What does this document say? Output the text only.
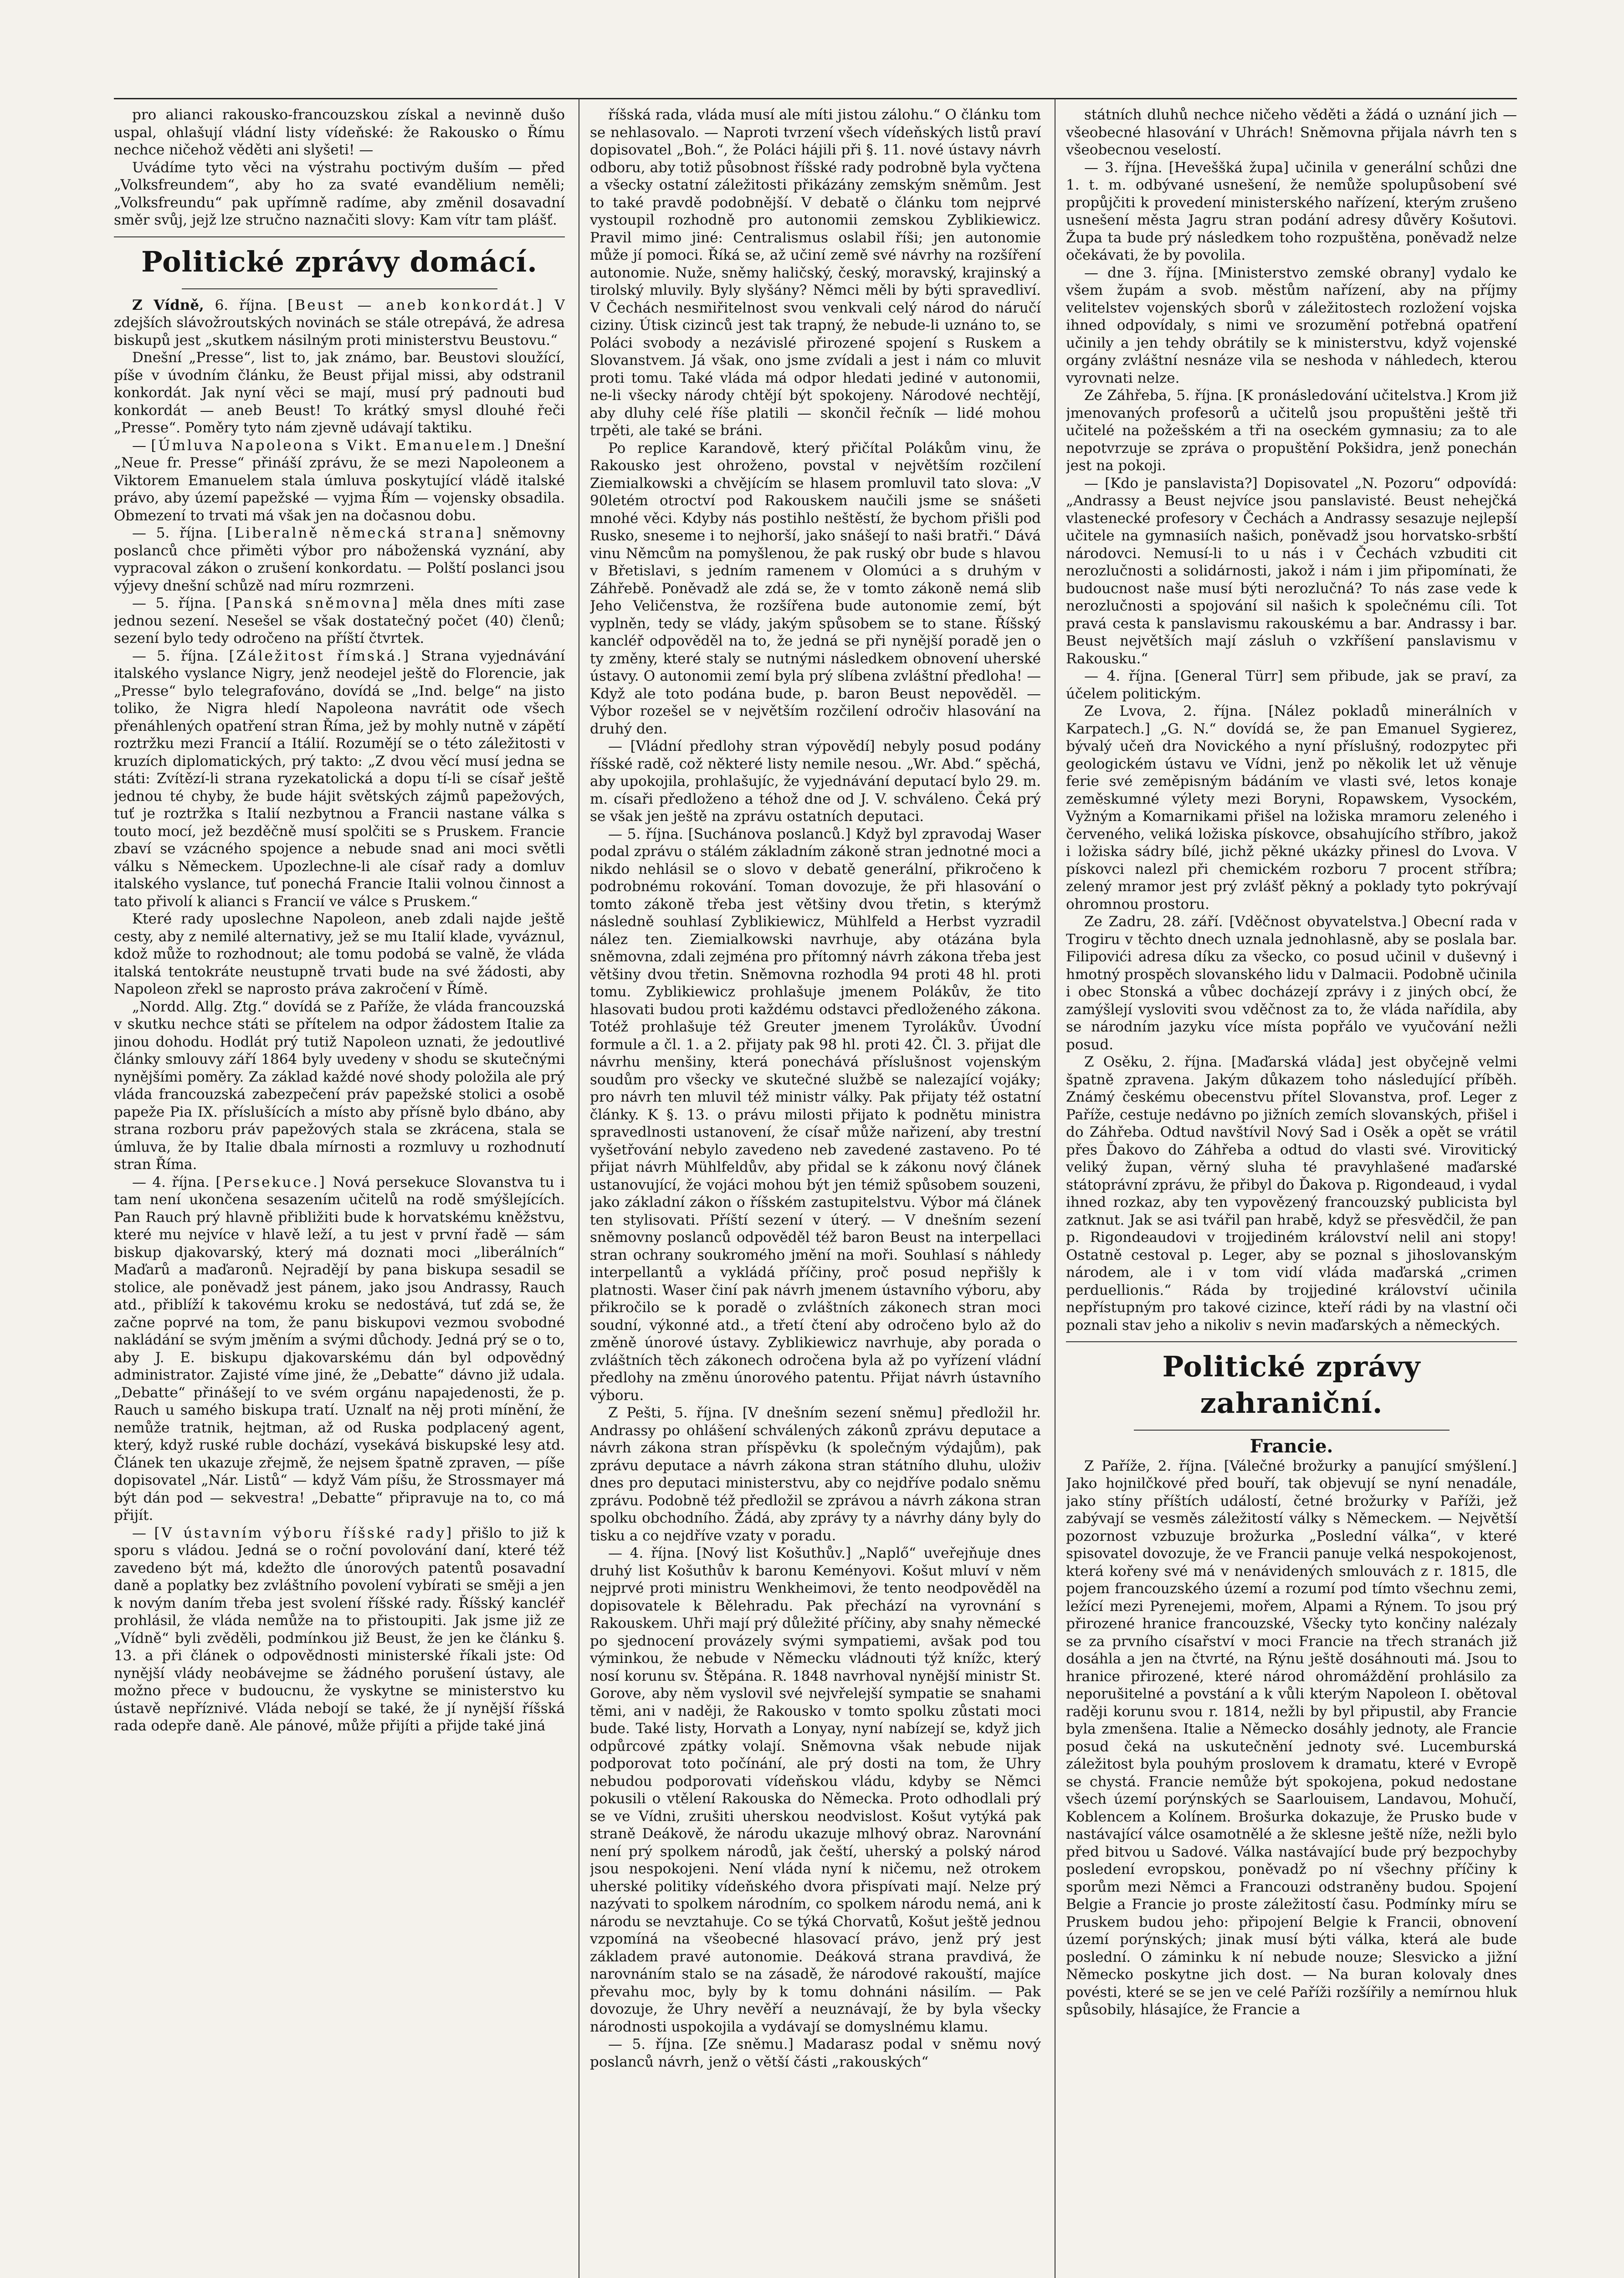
pro alianci rakousko-francouzskou získal a nevinně dušo uspal, ohlašují vládní listy vídeňské: že Rakousko o Římu nechce ničehož věděti ani slyšeti! —

Uvádíme tyto věci na výstrahu poctivým duším — před „Volksfreundem“, aby ho za svaté evandělium neměli; „Volksfreundu“ pak upřímně radíme, aby změnil dosavadní směr svůj, jejž lze stručno naznačiti slovy: Kam vítr tam plášť.

Politické zprávy domácí.

Z Vídně, 6. října. [Beust — aneb konkordát.] V zdejších slávožroutských novinách se stále otrepává, že adresa biskupů jest „skutkem násilným proti ministerstvu Beustovu.“

Dnešní „Presse“, list to, jak známo, bar. Beustovi sloužící, píše v úvodním článku, že Beust přijal missi, aby odstranil konkordát. Jak nyní věci se mají, musí prý padnouti bud konkordát — aneb Beust! To krátký smysl dlouhé řeči „Presse“. Poměry tyto nám zjevně udávají taktiku.

— [Úmluva Napoleona s Vikt. Emanuelem.] Dnešní „Neue fr. Presse“ přináší zprávu, že se mezi Napoleonem a Viktorem Emanuelem stala úmluva poskytující vládě italské právo, aby území papežské — vyjma Řím — vojensky obsadila. Obmezení to trvati má však jen na dočasnou dobu.

— 5. října. [Liberalně německá strana] sněmovny poslanců chce přiměti výbor pro náboženská vyznání, aby vypracoval zákon o zrušení konkordatu. — Polští poslanci jsou výjevy dnešní schůzě nad míru rozmrzeni.

— 5. října. [Panská sněmovna] měla dnes míti zase jednou sezení. Nesešel se však dostatečný počet (40) členů; sezení bylo tedy odročeno na příští čtvrtek.

— 5. října. [Záležitost římská.] Strana vyjednávání italského vyslance Nigry, jenž neodejel ještě do Florencie, jak „Presse“ bylo telegrafováno, dovídá se „Ind. belge“ na jisto toliko, že Nigra hledí Napoleona navrátit ode všech přenáhlených opatření stran Říma, jež by mohly nutně v zápětí roztržku mezi Francií a Itálií. Rozumějí se o této záležitosti v kruzích diplomatických, prý takto: „Z dvou věcí musí jedna se státi: Zvítězí-li strana ryzekatolická a dopu tí-li se císař ještě jednou té chyby, že bude hájit světských zájmů papežových, tuť je roztržka s Italií nezbytnou a Francii nastane válka s touto mocí, jež bezděčně musí spolčiti se s Pruskem. Francie zbaví se vzácného spojence a nebude snad ani moci světli válku s Německem. Upozlechne-li ale císař rady a domluv italského vyslance, tuť ponechá Francie Italii volnou činnost a tato přivolí k alianci s Francií ve válce s Pruskem.“

Které rady uposlechne Napoleon, aneb zdali najde ještě cesty, aby z nemilé alternativy, jež se mu Italií klade, vyváznul, kdož může to rozhodnout; ale tomu podobá se valně, že vláda italská tentokráte neustupně trvati bude na své žádosti, aby Napoleon zřekl se naprosto práva zakročení v Římě.

„Nordd. Allg. Ztg.“ dovídá se z Paříže, že vláda francouzská v skutku nechce státi se přítelem na odpor žádostem Italie za jinou dohodu. Hodlát prý tutiž Napoleon uznati, že jedoutlivé články smlouvy září 1864 byly uvedeny v shodu se skutečnými nynějšími poměry. Za základ každé nové shody položila ale prý vláda francouzská zabezpečení práv papežské stolici a osobě papeže Pia IX. příslušících a místo aby přísně bylo dbáno, aby strana rozboru práv papežových stala se zkrácena, stala se úmluva, že by Italie dbala mírnosti a rozmluvy u rozhodnutí stran Říma.

— 4. října. [Persekuce.] Nová persekuce Slovanstva tu i tam není ukončena sesazením učitelů na rodě smýšlejících. Pan Rauch prý hlavně přibližiti bude k horvatskému kněžstvu, které mu nejvíce v hlavě leží, a tu jest v první řadě — sám biskup djakovarský, který má doznati moci „liberálních“ Maďarů a maďaronů. Nejradějí by pana biskupa sesadil se stolice, ale poněvadž jest pánem, jako jsou Andrassy, Rauch atd., přiblíží k takovému kroku se nedostává, tuť zdá se, že začne poprvé na tom, že panu biskupovi vezmou svobodné nakládání se svým jměním a svými důchody. Jedná prý se o to, aby J. E. biskupu djakovarskému dán byl odpovědný administrator. Zajisté víme jiné, že „Debatte“ dávno již udala. „Debatte“ přinášejí to ve svém orgánu napajedenosti, že p. Rauch u samého biskupa tratí. Uznalť na něj proti mínění, že nemůže tratnik, hejtman, až od Ruska podplacený agent, který, když ruské ruble dochází, vysekává biskupské lesy atd. Článek ten ukazuje zřejmě, že nejsem špatně zpraven, — píše dopisovatel „Nár. Listů“ — když Vám píšu, že Strossmayer má být dán pod — sekvestra! „Debatte“ připravuje na to, co má přijít.

— [V ústavním výboru říšské rady] přišlo to již k sporu s vládou. Jedná se o roční povolování daní, které též zavedeno být má, kdežto dle únorových patentů posavadní daně a poplatky bez zvláštního povolení vybírati se směji a jen k novým daním třeba jest svolení říšské rady. Říšský kancléř prohlásil, že vláda nemůže na to přistoupiti. Jak jsme již ze „Vídně“ byli zvěděli, podmínkou již Beust, že jen ke článku §. 13. a při článek o odpovědnosti ministerské říkali jste: Od nynější vlády neobávejme se žádného porušení ústavy, ale možno přece v budoucnu, že vyskytne se ministerstvo ku ústavě nepříznivé. Vláda nebojí se také, že jí nynější říšská rada odepře daně. Ale pánové, může přijíti a přijde také jiná

říšská rada, vláda musí ale míti jistou zálohu.“ O článku tom se nehlasovalo. — Naproti tvrzení všech vídeňských listů praví dopisovatel „Boh.“, že Poláci hájili při §. 11. nové ústavy návrh odboru, aby totiž působnost říšské rady podrobně byla vyčtena a všecky ostatní záležitosti přikázány zemským sněmům. Jest to také pravdě podobnější. V debatě o článku tom nejprvé vystoupil rozhodně pro autonomii zemskou Zyblikiewicz. Pravil mimo jiné: Centralismus oslabil říši; jen autonomie může jí pomoci. Říká se, až učiní země své návrhy na rozšíření autonomie. Nuže, sněmy haličský, český, moravský, krajinský a tirolský mluvily. Byly slyšány? Němci měli by býti spravedliví. V Čechách nesmiřitelnost svou venkvali celý národ do náručí ciziny. Útisk cizinců jest tak trapný, že nebude-li uznáno to, se Poláci svobody a nezávislé přirozené spojení s Ruskem a Slovanstvem. Já však, ono jsme zvídali a jest i nám co mluvit proti tomu. Také vláda má odpor hledati jediné v autonomii, ne-li všecky národy chtějí být spokojeny. Národové nechtějí, aby dluhy celé říše platili — skončil řečník — lidé mohou trpěti, ale také se bráni.

Po replice Karandově, který přičítal Polákům vinu, že Rakousko jest ohroženo, povstal v největším rozčilení Ziemialkowski a chvějícím se hlasem promluvil tato slova: „V 90letém otroctví pod Rakouskem naučili jsme se snášeti mnohé věci. Kdyby nás postihlo neštěstí, že bychom přišli pod Rusko, sneseme i to nejhorší, jako snášejí to naši bratři.“ Dává vinu Němcům na pomyšlenou, že pak ruský obr bude s hlavou v Břetislavi, s jedním ramenem v Olomúci a s druhým v Záhřebě. Poněvadž ale zdá se, že v tomto zákoně nemá slib Jeho Veličenstva, že rozšířena bude autonomie zemí, být vyplněn, tedy se vlády, jakým spůsobem se to stane. Říšský kancléř odpověděl na to, že jedná se při nynější poradě jen o ty změny, které staly se nutnými následkem obnovení uherské ústavy. O autonomii zemí byla prý slíbena zvláštní předloha! — Když ale toto podána bude, p. baron Beust nepověděl. — Výbor rozešel se v největším rozčilení odročiv hlasování na druhý den.

— [Vládní předlohy stran výpovědí] nebyly posud podány říšské radě, což některé listy nemile nesou. „Wr. Abd.“ spěchá, aby upokojila, prohlašujíc, že vyjednávání deputací bylo 29. m. m. císaři předloženo a téhož dne od J. V. schváleno. Čeká prý se však jen ještě na zprávu ostatních deputaci.

— 5. října. [Suchánova poslanců.] Když byl zpravodaj Waser podal zprávu o stálém základním zákoně stran jednotné moci a nikdo nehlásil se o slovo v debatě generální, přikročeno k podrobnému rokování. Toman dovozuje, že při hlasování o tomto zákoně třeba jest většiny dvou třetin, s kterýmž následně souhlasí Zyblikiewicz, Mühlfeld a Herbst vyzradil nález ten. Ziemialkowski navrhuje, aby otázána byla sněmovna, zdali zejména pro přítomný návrh zákona třeba jest většiny dvou třetin. Sněmovna rozhodla 94 proti 48 hl. proti tomu. Zyblikiewicz prohlašuje jmenem Polákův, že tito hlasovati budou proti každému odstavci předloženého zákona. Totéž prohlašuje též Greuter jmenem Tyrolákův. Úvodní formule a čl. 1. a 2. přijaty pak 98 hl. proti 42. Čl. 3. přijat dle návrhu menšiny, která ponechává příslušnost vojenským soudům pro všecky ve skutečné službě se nalezající vojáky; pro návrh ten mluvil též ministr války. Pak přijaty též ostatní články. K §. 13. o právu milosti přijato k podnětu ministra spravedlnosti ustanovení, že císař může nařizení, aby trestní vyšetřování nebylo zavedeno neb zavedené zastaveno. Po té přijat návrh Mühlfeldův, aby přidal se k zákonu nový článek ustanovující, že vojáci mohou být jen témiž spůsobem souzeni, jako základní zákon o říšském zastupitelstvu. Výbor má článek ten stylisovati. Příští sezení v úterý. — V dnešním sezení sněmovny poslanců odpověděl též baron Beust na interpellaci stran ochrany soukromého jmění na moři. Souhlasí s náhledy interpellantů a vykládá příčiny, proč posud nepřišly k platnosti. Waser činí pak návrh jmenem ústavního výboru, aby přikročilo se k poradě o zvláštních zákonech stran moci soudní, výkonné atd., a třetí čtení aby odročeno bylo až do změně únorové ústavy. Zyblikiewicz navrhuje, aby porada o zvláštních těch zákonech odročena byla až po vyřízení vládní předlohy na změnu únorového patentu. Přijat návrh ústavního výboru.

Z Pešti, 5. října. [V dnešním sezení sněmu] předložil hr. Andrassy po ohlášení schválených zákonů zprávu deputace a návrh zákona stran příspěvku (k společným výdajům), pak zprávu deputace a návrh zákona stran státního dluhu, uloživ dnes pro deputaci ministerstvu, aby co nejdříve podalo sněmu zprávu. Podobně též předložil se zprávou a návrh zákona stran spolku obchodního. Žádá, aby zprávy ty a návrhy dány byly do tisku a co nejdříve vzaty v poradu.

— 4. října. [Nový list Košuthův.] „Naplő“ uveřejňuje dnes druhý list Košuthův k baronu Keményovi. Košut mluví v něm nejprvé proti ministru Wenkheimovi, že tento neodpověděl na dopisovatele k Bělehradu. Pak přechází na vyrovnání s Rakouskem. Uhři mají prý důležité příčiny, aby snahy německé po sjednocení provázely svými sympatiemi, avšak pod tou výminkou, že nebude v Německu vládnouti týž knížc, který nosí korunu sv. Štěpána. R. 1848 navrhoval nynější ministr St. Gorove, aby něm vyslovil své nejvřelejší sympatie se snahami těmi, ani v naději, že Rakousko v tomto spolku zůstati moci bude. Také listy, Horvath a Lonyay, nyní nabízejí se, když jich odpůrcové zpátky volají. Sněmovna však nebude nijak podporovat toto počínání, ale prý dosti na tom, že Uhry nebudou podporovati vídeňskou vládu, kdyby se Němci pokusili o vtělení Rakouska do Německa. Proto odhodlali prý se ve Vídni, zrušiti uherskou neodvislost. Košut vytýká pak straně Deákově, že národu ukazuje mlhový obraz. Narovnání není prý spolkem národů, jak čeští, uherský a polský národ jsou nespokojeni. Není vláda nyní k ničemu, než otrokem uherské politiky vídeňského dvora přispívati mají. Nelze prý nazývati to spolkem národním, co spolkem národu nemá, ani k národu se nevztahuje. Co se týká Chorvatů, Košut ještě jednou vzpomíná na všeobecné hlasovací právo, jenž prý jest základem pravé autonomie. Deáková strana pravdivá, že narovnáním stalo se na zásadě, že národové rakouští, majíce převahu moc, byly by k tomu dohnáni násilím. — Pak dovozuje, že Uhry nevěří a neuznávají, že by byla všecky národnosti uspokojila a vydávají se domyslnému klamu.

— 5. října. [Ze sněmu.] Madarasz podal v sněmu nový poslanců návrh, jenž o větší části „rakouských“

státních dluhů nechce ničeho věděti a žádá o uznání jich — všeobecné hlasování v Uhrách! Sněmovna přijala návrh ten s všeobecnou veselostí.

— 3. října. [Heveššká župa] učinila v generální schůzi dne 1. t. m. odbývané usnešení, že nemůže spolupůsobení své propůjčiti k provedení ministerského nařízení, kterým zrušeno usnešení města Jagru stran podání adresy důvěry Košutovi. Župa ta bude prý následkem toho rozpuštěna, poněvadž nelze očekávati, že by povolila.

— dne 3. října. [Ministerstvo zemské obrany] vydalo ke všem župám a svob. městům nařízení, aby na příjmy velitelstev vojenských sborů v záležitostech rozložení vojska ihned odpovídaly, s nimi ve srozumění potřebná opatření učinily a jen tehdy obrátily se k ministerstvu, když vojenské orgány zvláštní nesnáze vila se neshoda v náhledech, kterou vyrovnati nelze.

Ze Záhřeba, 5. října. [K pronásledování učitelstva.] Krom již jmenovaných profesorů a učitelů jsou propuštěni ještě tři učitelé na požešském a tři na oseckém gymnasiu; za to ale nepotvrzuje se zpráva o propuštění Pokšidra, jenž ponechán jest na pokoji.

— [Kdo je panslavista?] Dopisovatel „N. Pozoru“ odpovídá: „Andrassy a Beust nejvíce jsou panslavisté. Beust nehejčká vlastenecké profesory v Čechách a Andrassy sesazuje nejlepší učitele na gymnasiích našich, poněvadž jsou horvatsko-srbští národovci. Nemusí-li to u nás i v Čechách vzbuditi cit nerozlučnosti a solidárnosti, jakož i nám i jim připomínati, že budoucnost naše musí býti nerozlučná? To nás zase vede k nerozlučnosti a spojování sil našich k společnému cíli. Tot pravá cesta k panslavismu rakouskému a bar. Andrassy i bar. Beust největších mají zásluh o vzkříšení panslavismu v Rakousku.“

— 4. října. [General Türr] sem přibude, jak se praví, za účelem politickým.

Ze Lvova, 2. října. [Nález pokladů minerálních v Karpatech.] „G. N.“ dovídá se, že pan Emanuel Sygierez, bývalý učeň dra Novického a nyní příslušný, rodozpytec při geologickém ústavu ve Vídni, jenž po několik let už věnuje ferie své zeměpisným bádáním ve vlasti své, letos konaje zeměskumné výlety mezi Boryni, Ropawskem, Vysockém, Vyžným a Komarnikami přišel na ložiska mramoru zeleného i červeného, veliká ložiska pískovce, obsahujícího stříbro, jakož i ložiska sádry bílé, jichž pěkné ukázky přinesl do Lvova. V pískovci nalezl při chemickém rozboru 7 procent stříbra; zelený mramor jest prý zvlášť pěkný a poklady tyto pokrývají ohromnou prostoru.

Ze Zadru, 28. září. [Vděčnost obyvatelstva.] Obecní rada v Trogiru v těchto dnech uznala jednohlasně, aby se poslala bar. Filipovići adresa díku za všecko, co posud učinil v duševný i hmotný prospěch slovanského lidu v Dalmacii. Podobně učinila i obec Stonská a vůbec docházejí zprávy i z jiných obcí, že zamýšlejí vysloviti svou vděčnost za to, že vláda nařídila, aby se národním jazyku více místa popřálo ve vyučování nežli posud.

Z Osěku, 2. října. [Maďarská vláda] jest obyčejně velmi špatně zpravena. Jakým důkazem toho následující příběh. Známý českému obecenstvu přítel Slovanstva, prof. Leger z Paříže, cestuje nedávno po jižních zemích slovanských, přišel i do Záhřeba. Odtud navštívil Nový Sad i Osěk a opět se vrátil přes Ďakovo do Záhřeba a odtud do vlasti své. Virovitický veliký župan, věrný sluha té pravyhlašené maďarské státoprávní zprávu, že přibyl do Ďakova p. Rigondeaud, i vydal ihned rozkaz, aby ten vypovězený francouzský publicista byl zatknut. Jak se asi tvářil pan hrabě, když se přesvědčil, že pan p. Rigondeaudovi v trojjediném království nelil ani stopy! Ostatně cestoval p. Leger, aby se poznal s jihoslovanským národem, ale i v tom vidí vláda maďarská „crimen perduellionis.“ Ráda by trojjediné království učinila nepřístupným pro takové cizince, kteří rádi by na vlastní oči poznali stav jeho a nikoliv s nevin maďarských a německých.

Politické zprávy zahraniční.
Francie.

Z Paříže, 2. října. [Válečné brožurky a panující smýšlení.] Jako hojnilčkové před bouří, tak objevují se nyní nenadále, jako stíny příštích událostí, četné brožurky v Paříži, jež zabývají se vesměs záležitostí války s Německem. — Největší pozornost vzbuzuje brožurka „Poslední válka“, v které spisovatel dovozuje, že ve Francii panuje velká nespokojenost, která kořeny své má v nenávidených smlouvách z r. 1815, dle pojem francouzského území a rozumí pod tímto všechnu zemi, ležící mezi Pyrenejemi, mořem, Alpami a Rýnem. To jsou prý přirozené hranice francouzské, Všecky tyto končiny nalézaly se za prvního císařství v moci Francie na třech stranách již dosáhla a jen na čtvrté, na Rýnu ještě dosáhnouti má. Jsou to hranice přirozené, které národ ohromáždění prohlásilo za neporušitelné a povstání a k vůli kterým Napoleon I. obětoval raději korunu svou r. 1814, nežli by byl připustil, aby Francie byla zmenšena. Italie a Německo dosáhly jednoty, ale Francie posud čeká na uskutečnění jednoty své. Lucemburská záležitost byla pouhým proslovem k dramatu, které v Evropě se chystá. Francie nemůže být spokojena, pokud nedostane všech území porýnských se Saarlouisem, Landavou, Mohučí, Koblencem a Kolínem. Brošurka dokazuje, že Prusko bude v nastávající válce osamotnělé a že sklesne ještě níže, nežli bylo před bitvou u Sadové. Válka nastávající bude prý bezpochyby posledení evropskou, poněvadž po ní všechny příčiny k sporům mezi Němci a Francouzi odstraněny budou. Spojení Belgie a Francie jo proste záležitostí času. Podmínky míru se Pruskem budou jeho: připojení Belgie k Francii, obnovení území porýnských; jinak musí býti válka, která ale bude poslední. O záminku k ní nebude nouze; Slesvicko a jižní Německo poskytne jich dost. — Na buran kolovaly dnes povésti, které se se jen ve celé Paříži rozšířily a nemírnou hluk spůsobily, hlásajíce, že Francie a
